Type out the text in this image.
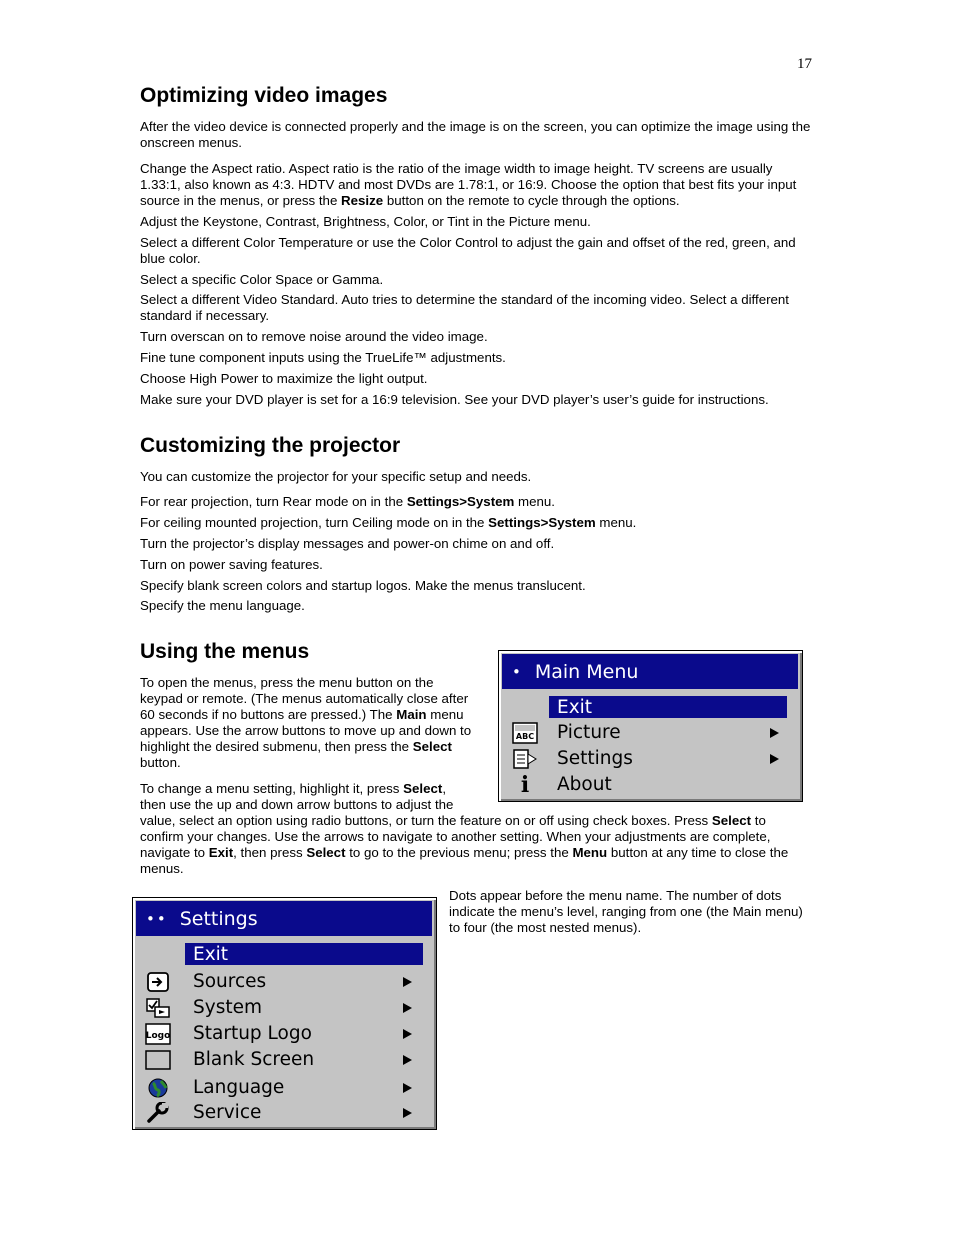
17
Optimizing video images

After the video device is connected properly and the image is on the screen, you can optimize the image using the onscreen menus.

Change the Aspect ratio. Aspect ratio is the ratio of the image width to image height. TV screens are usually 1.33:1, also known as 4:3. HDTV and most DVDs are 1.78:1, or 16:9. Choose the option that best fits your input source in the menus, or press the Resize button on the remote to cycle through the options.

Adjust the Keystone, Contrast, Brightness, Color, or Tint in the Picture menu.

Select a different Color Temperature or use the Color Control to adjust the gain and offset of the red, green, and blue color.

Select a specific Color Space or Gamma.

Select a different Video Standard. Auto tries to determine the standard of the incoming video. Select a different standard if necessary.

Turn overscan on to remove noise around the video image.

Fine tune component inputs using the TrueLife™ adjustments.

Choose High Power to maximize the light output.

Make sure your DVD player is set for a 16:9 television. See your DVD player’s user’s guide for instructions.

Customizing the projector

You can customize the projector for your specific setup and needs.

For rear projection, turn Rear mode on in the Settings>System menu.

For ceiling mounted projection, turn Ceiling mode on in the Settings>System menu.

Turn the projector’s display messages and power-on chime on and off.

Turn on power saving features.

Specify blank screen colors and startup logos. Make the menus translucent.

Specify the menu language.

Using the menus

To open the menus, press the menu button on the keypad or remote. (The menus automatically close after 60 seconds if no buttons are pressed.) The Main menu appears. Use the arrow buttons to move up and down to highlight the desired submenu, then press the Select button.

To change a menu setting, highlight it, press Select, then use the up and down arrow buttons to adjust the value, select an option using radio buttons, or turn the feature on or off using check boxes. Press Select to confirm your changes. Use the arrows to navigate to another setting. When your adjustments are complete, navigate to Exit, then press Select to go to the previous menu; press the Menu button at any time to close the menus.

Dots appear before the menu name. The number of dots indicate the menu’s level, ranging from one (the Main menu) to four (the most nested menus).

• Main Menu
Exit
ABC	Picture
Settings
i	About
•• Settings
Exit
Sources
System
Logo	Startup Logo
Blank Screen
Language
Service
